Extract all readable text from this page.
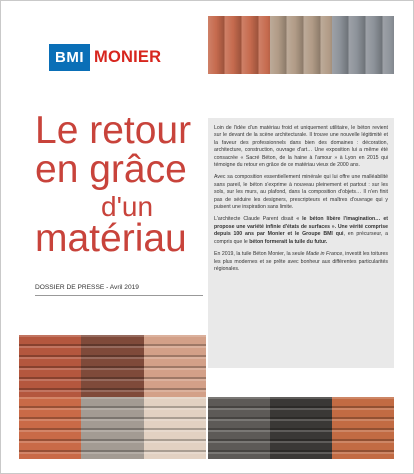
BMI MONIER
Le retour
en grâce
d'un
matériau
DOSSIER DE PRESSE - Avril 2019

Loin de l'idée d'un matériau froid et uniquement utilitaire, le béton revient sur le devant de la scène architecturale. Il trouve une nouvelle légitimité et la faveur des professionnels dans bien des domaines : décoration, architecture, construction, ouvrage d'art… Une exposition lui a même été consacrée « Sacré Béton, de la haine à l'amour » à Lyon en 2015 qui témoigne du retour en grâce de ce matériau vieux de 2000 ans.

Avec sa composition essentiellement minérale qui lui offre une malléabilité sans pareil, le béton s'exprime à nouveau pleinement et partout : sur les sols, sur les murs, au plafond, dans la composition d'objets… Il n'en finit pas de séduire les designers, prescripteurs et maîtres d'ouvrage qui y puisent une inspiration sans limite.

L'architecte Claude Parent disait « le béton libère l'imagination… et propose une variété infinie d'états de surfaces ». Une vérité comprise depuis 100 ans par Monier et le Groupe BMI qui, en précurseur, a compris que le béton formerait la tuile du futur.

En 2019, la tuile Béton Monier, la seule Made in France, investit les toitures les plus modernes et se prête avec bonheur aux différentes particularités régionales.
